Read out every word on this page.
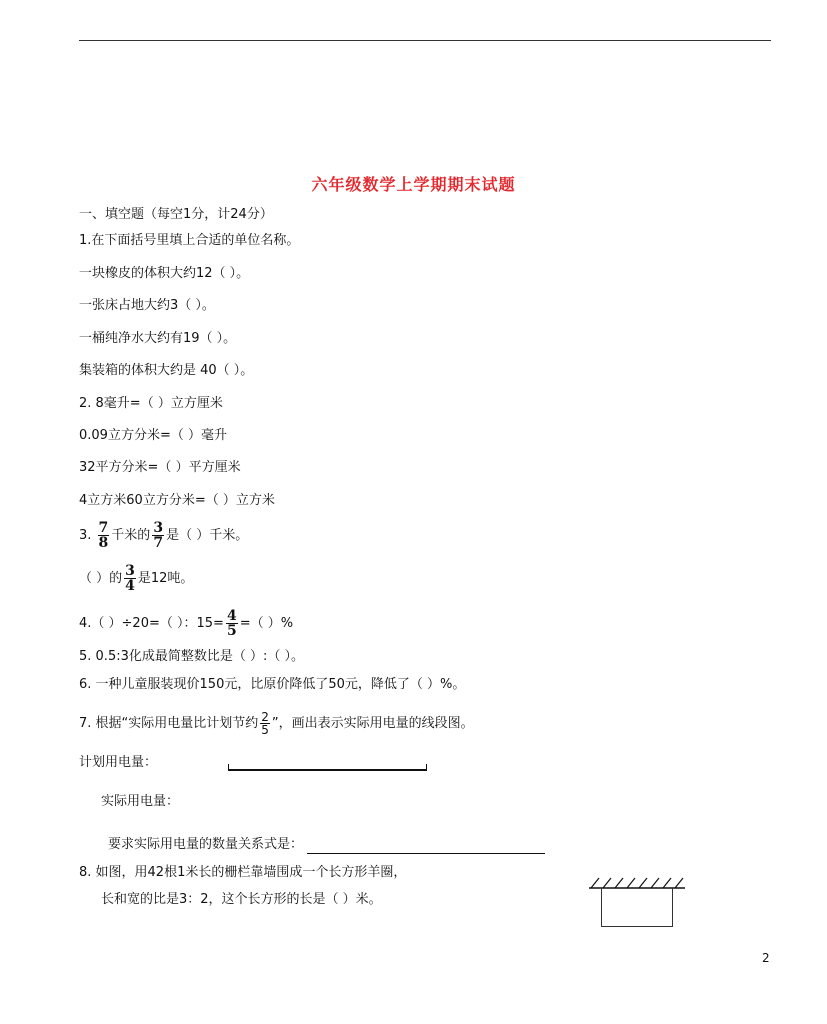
六年级数学上学期期末试题
一、填空题（每空1分，计24分）
1.在下面括号里填上合适的单位名称。
一块橡皮的体积大约12（ ）。
一张床占地大约3（ ）。
一桶纯净水大约有19（ ）。
集装箱的体积大约是 40（ ）。
2. 8毫升=（ ）立方厘米
0.09立方分米=（ ）毫升
32平方分米=（ ）平方厘米
4立方米60立方分米=（ ）立方米
3. $\frac{7}{8}$ 千米的 $\frac{3}{7}$ 是（ ）千米。
（ ）的 $\frac{3}{4}$ 是12吨。
4.（ ）÷20=（ ）：$15= \frac{4}{5}$ =（ ）%
5. 0.5:3化成最简整数比是（ ）:（ ）。
6. 一种儿童服装现价150元，比原价降低了50元，降低了（ ）%。
7. 根据“实际用电量比计划节约 $\frac{2}{5}$ ”，画出表示实际用电量的线段图。
计划用电量：
实际用电量：
要求实际用电量的数量关系式是：
8. 如图，用42根1米长的栅栏靠墙围成一个长方形羊圈，
长和宽的比是3：2，这个长方形的长是（ ）米。
2
